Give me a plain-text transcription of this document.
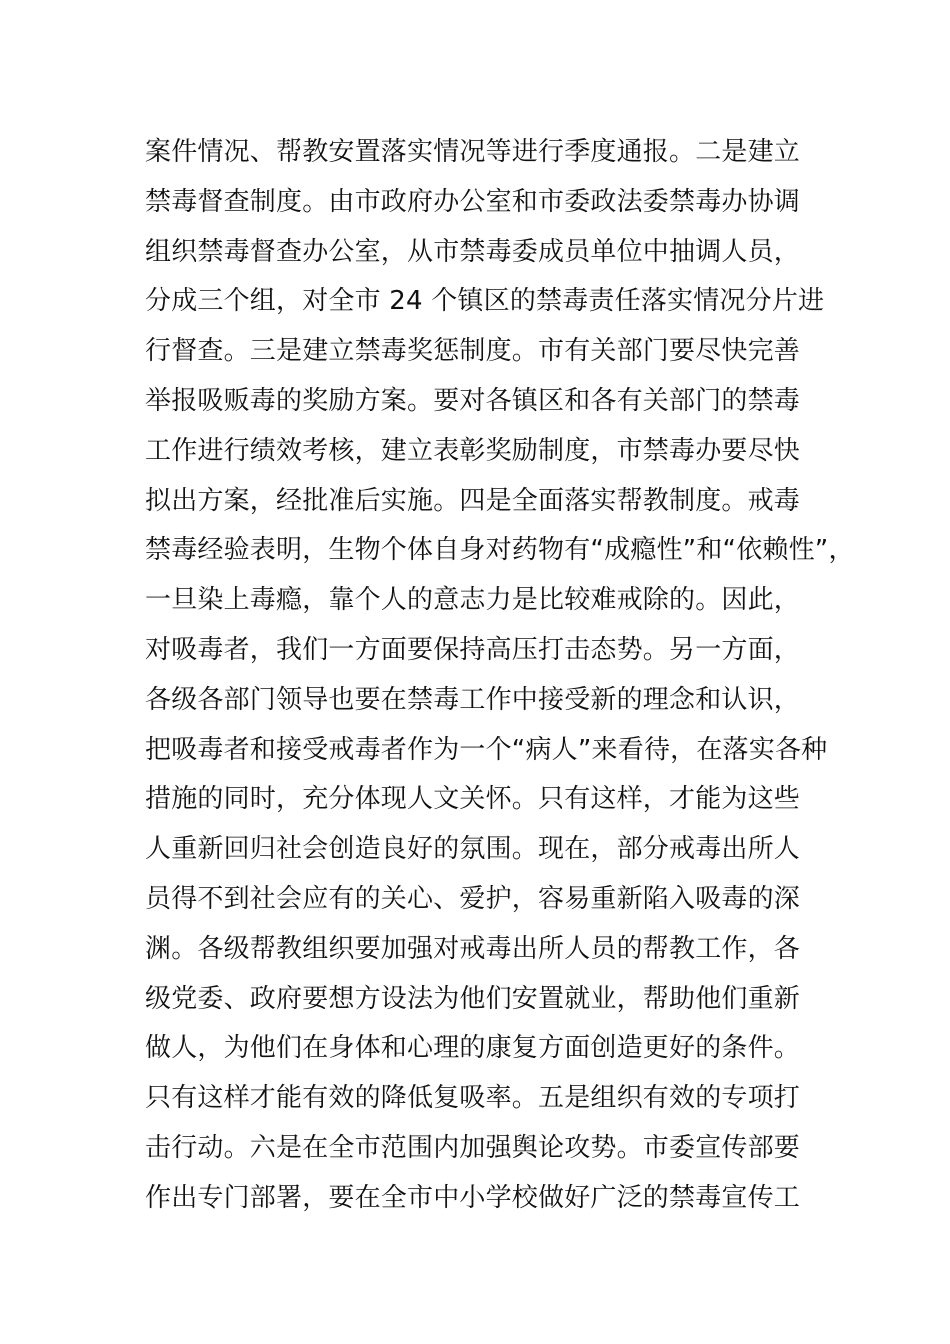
案件情况、帮教安置落实情况等进行季度通报。二是建立
禁毒督查制度。由市政府办公室和市委政法委禁毒办协调
组织禁毒督查办公室，从市禁毒委成员单位中抽调人员，
分成三个组，对全市 24 个镇区的禁毒责任落实情况分片进
行督查。三是建立禁毒奖惩制度。市有关部门要尽快完善
举报吸贩毒的奖励方案。要对各镇区和各有关部门的禁毒
工作进行绩效考核，建立表彰奖励制度，市禁毒办要尽快
拟出方案，经批准后实施。四是全面落实帮教制度。戒毒
禁毒经验表明，生物个体自身对药物有“成瘾性”和“依赖性”，
一旦染上毒瘾，靠个人的意志力是比较难戒除的。因此，
对吸毒者，我们一方面要保持高压打击态势。另一方面，
各级各部门领导也要在禁毒工作中接受新的理念和认识，
把吸毒者和接受戒毒者作为一个“病人”来看待，在落实各种
措施的同时，充分体现人文关怀。只有这样，才能为这些
人重新回归社会创造良好的氛围。现在，部分戒毒出所人
员得不到社会应有的关心、爱护，容易重新陷入吸毒的深
渊。各级帮教组织要加强对戒毒出所人员的帮教工作，各
级党委、政府要想方设法为他们安置就业，帮助他们重新
做人，为他们在身体和心理的康复方面创造更好的条件。
只有这样才能有效的降低复吸率。五是组织有效的专项打
击行动。六是在全市范围内加强舆论攻势。市委宣传部要
作出专门部署，要在全市中小学校做好广泛的禁毒宣传工
